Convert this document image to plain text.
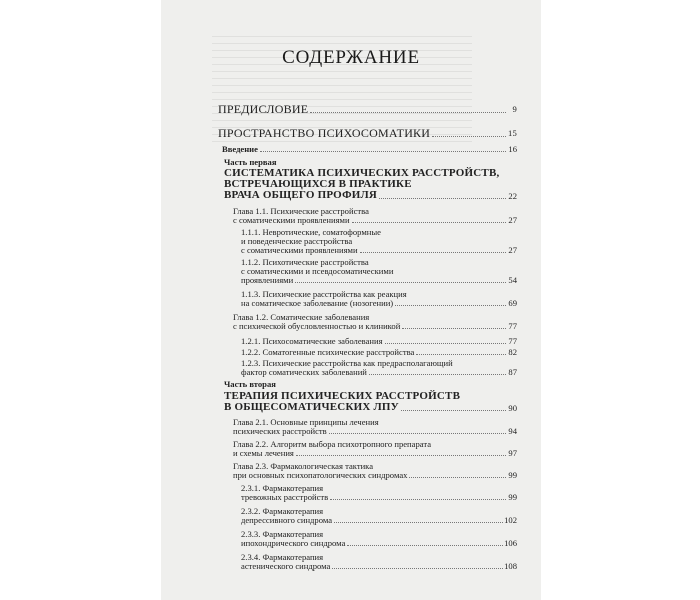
СОДЕРЖАНИЕ
ПРЕДИСЛОВИЕ	9
ПРОСТРАНСТВО ПСИХОСОМАТИКИ	15
Введение	16
Часть первая
СИСТЕМАТИКА ПСИХИЧЕСКИХ РАССТРОЙСТВ,
ВСТРЕЧАЮЩИХСЯ В ПРАКТИКЕ
ВРАЧА ОБЩЕГО ПРОФИЛЯ	22
Глава 1.1. Психические расстройства
с соматическими проявлениями	27
1.1.1. Невротические, соматоформные
и поведенческие расстройства
с соматическими проявлениями	27
1.1.2. Психотические расстройства
с соматическими и псевдосоматическими
проявлениями	54
1.1.3. Психические расстройства как реакция
на соматическое заболевание (нозогении)	69
Глава 1.2. Соматические заболевания
с психической обусловленностью и клиникой	77
1.2.1. Психосоматические заболевания	77
1.2.2. Соматогенные психические расстройства	82
1.2.3. Психические расстройства как предрасполагающий
фактор соматических заболеваний	87
Часть вторая
ТЕРАПИЯ ПСИХИЧЕСКИХ РАССТРОЙСТВ
В ОБЩЕСОМАТИЧЕСКИХ ЛПУ	90
Глава 2.1. Основные принципы лечения
психических расстройств	94
Глава 2.2. Алгоритм выбора психотропного препарата
и схемы лечения	97
Глава 2.3. Фармакологическая тактика
при основных психопатологических синдромах	99
2.3.1. Фармакотерапия
тревожных расстройств	99
2.3.2. Фармакотерапия
депрессивного синдрома	102
2.3.3. Фармакотерапия
ипохондрического синдрома	106
2.3.4. Фармакотерапия
астенического синдрома	108
